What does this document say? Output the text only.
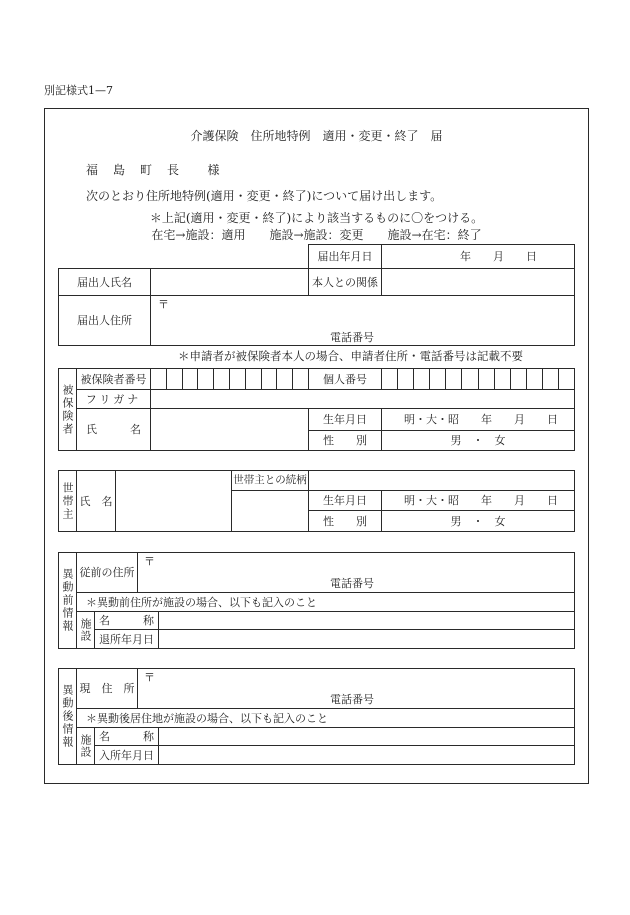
別記様式1—7
介護保険　住所地特例　適用・変更・終了　届
福　島　町　長　　様
次のとおり住所地特例(適用・変更・終了)について届け出します。
＊上記(適用・変更・終了)により該当するものに〇をつける。
在宅→施設：適用　　施設→施設：変更　　施設→在宅：終了
届出年月日	年　　月　　日
届出人氏名	本人との関係
届出人住所
〒
電話番号
＊申請者が被保険者本人の場合、申請者住所・電話番号は記載不要
被保険者
被保険者番号	個人番号
フリガナ
氏　　　名
生年月日	明・大・昭　　年　　月　　日
性　　別	男　・　女
世帯主 氏　名
世帯主との続柄
生年月日	明・大・昭　　年　　月　　日
性　　別	男　・　女
異動前情報 従前の住所
〒
電話番号
＊異動前住所が施設の場合、以下も記入のこと
施設 名　　　称
退所年月日
異動後情報 現　住　所
〒
電話番号
＊異動後居住地が施設の場合、以下も記入のこと
施設 名　　　称
入所年月日
